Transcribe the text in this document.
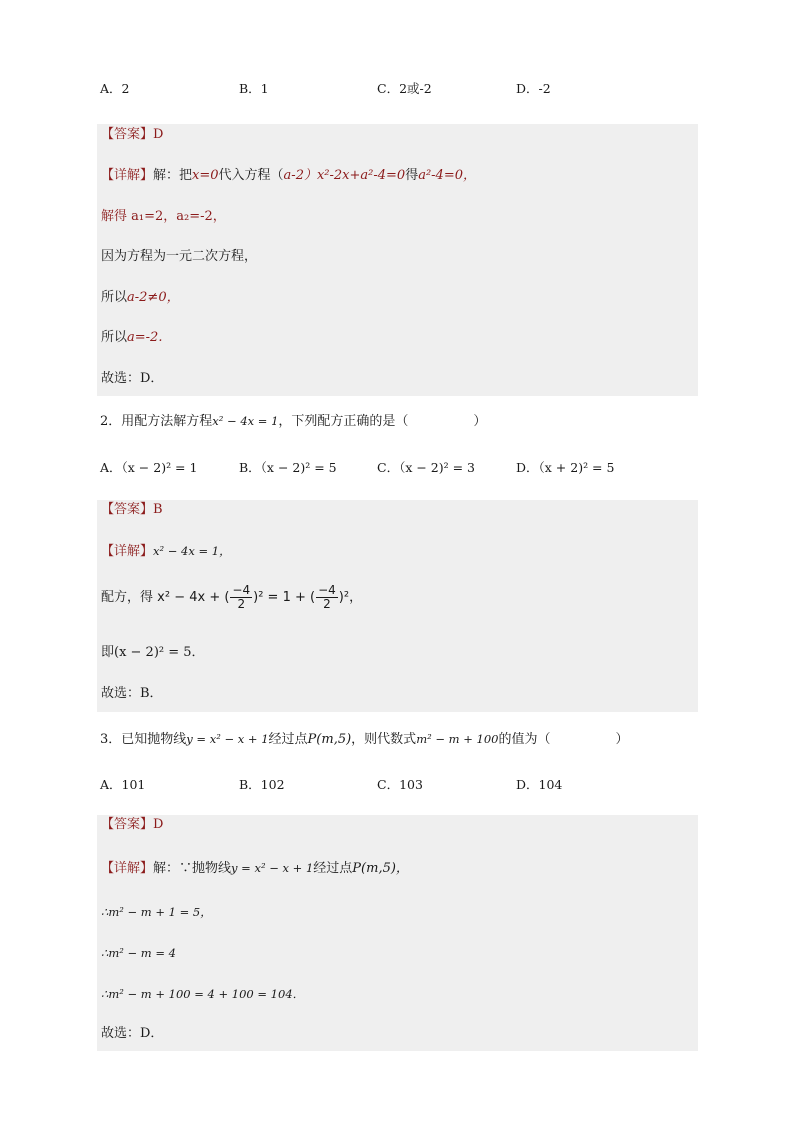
A．2	B．1	C．2或-2	D．-2
【答案】D
【详解】解：把x=0代入方程（a-2）x²-2x+a²-4=0得a²-4=0，
解得 a₁=2，a₂=-2，
因为方程为一元二次方程，
所以a-2≠0，
所以a=-2.
故选：D．
2．用配方法解方程x² − 4x = 1，下列配方正确的是（　　　　　）
A．（x − 2)² = 1	B．（x − 2)² = 5	C．（x − 2)² = 3	D．（x + 2)² = 5
【答案】B
【详解】x² − 4x = 1，
配方，得 x² − 4x + ( $\frac{-4}{2} )^2 = 1$ + ( $\frac{-4}{2} )^2$，
即(x − 2)² = 5．
故选：B．
3．已知抛物线y = x² − x + 1经过点P(m,5)，则代数式m² − m + 100的值为（　　　　　）
A．101	B．102	C．103	D．104
【答案】D
【详解】解：∵抛物线y = x² − x + 1经过点P(m,5)，
∴m² − m + 1 = 5，
∴m² − m = 4
∴m² − m + 100 = 4 + 100 = 104．
故选：D．
